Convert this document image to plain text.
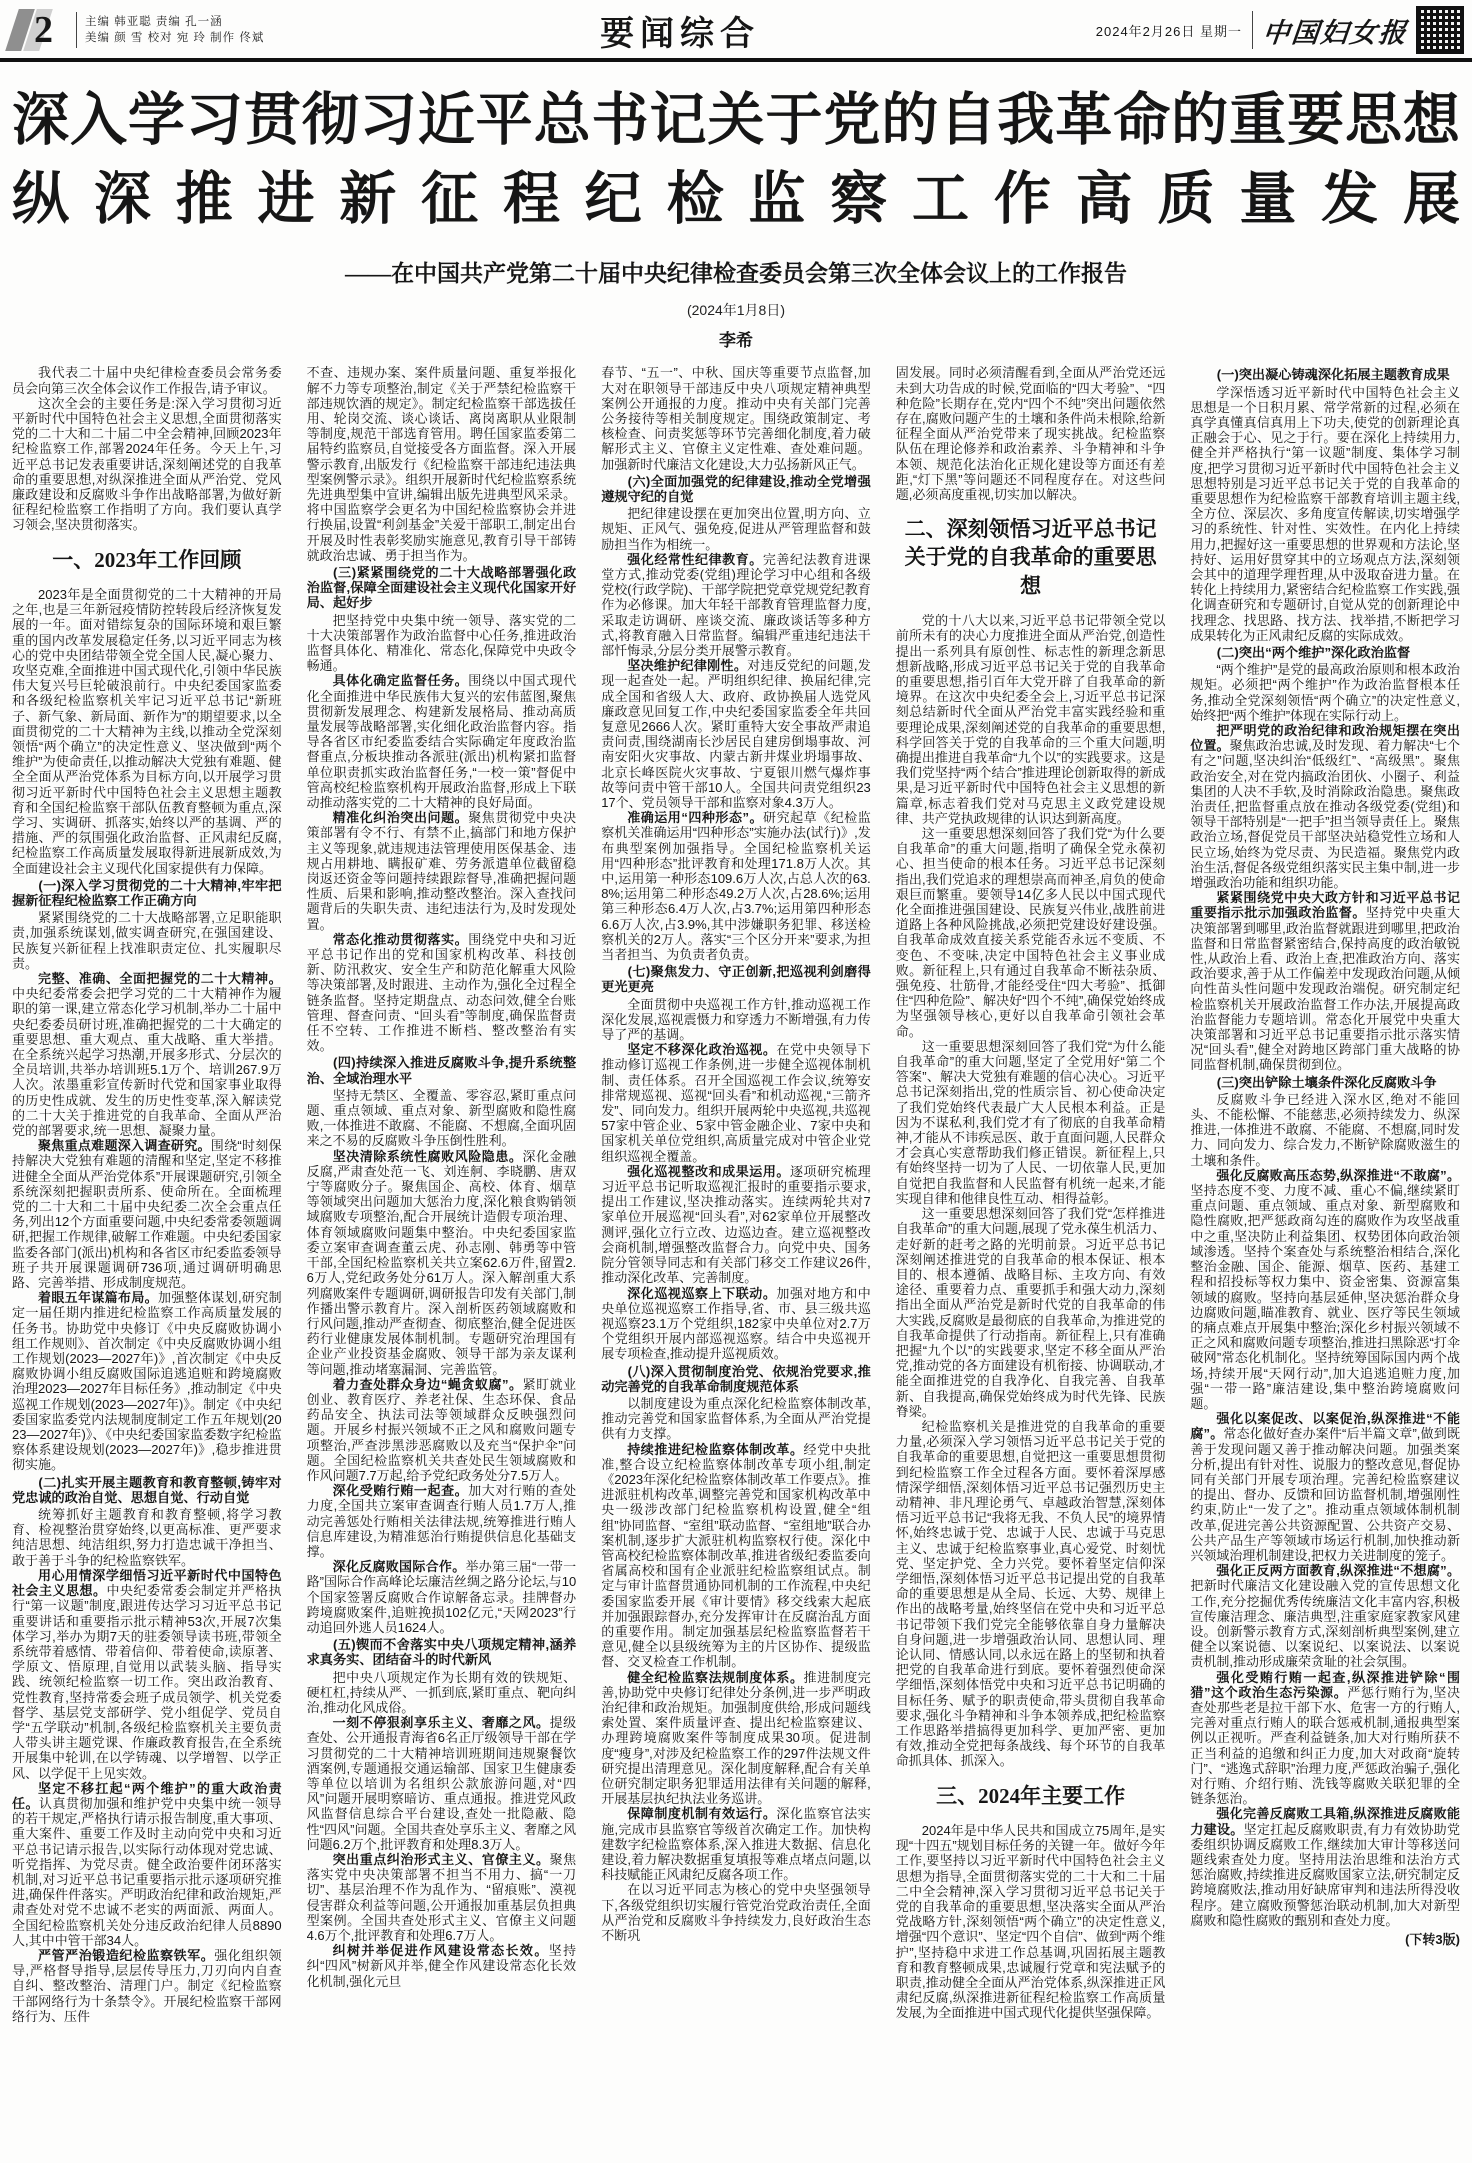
2	主编 韩亚聪 责编 孔一涵
美编 颜 雪 校对 宛 玲 制作 佟斌	要闻综合	2024年2月26日 星期一 中国妇女报
深入学习贯彻习近平总书记关于党的自我革命的重要思想
纵深推进新征程纪检监察工作高质量发展
——在中国共产党第二十届中央纪律检查委员会第三次全体会议上的工作报告
(2024年1月8日)
李希

我代表二十届中央纪律检查委员会常务委员会向第三次全体会议作工作报告,请予审议。

这次全会的主要任务是:深入学习贯彻习近平新时代中国特色社会主义思想,全面贯彻落实党的二十大和二十届二中全会精神,回顾2023年纪检监察工作,部署2024年任务。今天上午,习近平总书记发表重要讲话,深刻阐述党的自我革命的重要思想,对纵深推进全面从严治党、党风廉政建设和反腐败斗争作出战略部署,为做好新征程纪检监察工作指明了方向。我们要认真学习领会,坚决贯彻落实。

一、2023年工作回顾

2023年是全面贯彻党的二十大精神的开局之年,也是三年新冠疫情防控转段后经济恢复发展的一年。面对错综复杂的国际环境和艰巨繁重的国内改革发展稳定任务,以习近平同志为核心的党中央团结带领全党全国人民,凝心聚力、攻坚克难,全面推进中国式现代化,引领中华民族伟大复兴号巨轮破浪前行。中央纪委国家监委和各级纪检监察机关牢记习近平总书记“新班子、新气象、新局面、新作为”的期望要求,以全面贯彻党的二十大精神为主线,以推动全党深刻领悟“两个确立”的决定性意义、坚决做到“两个维护”为使命责任,以推动解决大党独有难题、健全全面从严治党体系为目标方向,以开展学习贯彻习近平新时代中国特色社会主义思想主题教育和全国纪检监察干部队伍教育整顿为重点,深学习、实调研、抓落实,始终以严的基调、严的措施、严的氛围强化政治监督、正风肃纪反腐,纪检监察工作高质量发展取得新进展新成效,为全面建设社会主义现代化国家提供有力保障。

(一)深入学习贯彻党的二十大精神,牢牢把握新征程纪检监察工作正确方向

紧紧围绕党的二十大战略部署,立足职能职责,加强系统谋划,做实调查研究,在强国建设、民族复兴新征程上找准职责定位、扎实履职尽责。

完整、准确、全面把握党的二十大精神。中央纪委常委会把学习党的二十大精神作为履职的第一课,建立常态化学习机制,举办二十届中央纪委委员研讨班,准确把握党的二十大确定的重要思想、重大观点、重大战略、重大举措。在全系统兴起学习热潮,开展多形式、分层次的全员培训,共举办培训班5.1万个、培训267.9万人次。浓墨重彩宣传新时代党和国家事业取得的历史性成就、发生的历史性变革,深入解读党的二十大关于推进党的自我革命、全面从严治党的部署要求,统一思想、凝聚力量。

聚焦重点难题深入调查研究。围绕“时刻保持解决大党独有难题的清醒和坚定,坚定不移推进健全全面从严治党体系”开展课题研究,引领全系统深刻把握职责所系、使命所在。全面梳理党的二十大和二十届中央纪委二次全会重点任务,列出12个方面重要问题,中央纪委常委领题调研,把握工作规律,破解工作难题。中央纪委国家监委各部门(派出)机构和各省区市纪委监委领导班子共开展课题调研736项,通过调研明确思路、完善举措、形成制度规范。

着眼五年谋篇布局。加强整体谋划,研究制定一届任期内推进纪检监察工作高质量发展的任务书。协助党中央修订《中央反腐败协调小组工作规则》、首次制定《中央反腐败协调小组工作规划(2023—2027年)》,首次制定《中央反腐败协调小组反腐败国际追逃追赃和跨境腐败治理2023—2027年目标任务》,推动制定《中央巡视工作规划(2023—2027年)》。制定《中央纪委国家监委党内法规制度制定工作五年规划(2023—2027年)》、《中央纪委国家监委数字纪检监察体系建设规划(2023—2027年)》,稳步推进贯彻实施。

(二)扎实开展主题教育和教育整顿,铸牢对党忠诚的政治自觉、思想自觉、行动自觉

统筹抓好主题教育和教育整顿,将学习教育、检视整治贯穿始终,以更高标准、更严要求纯洁思想、纯洁组织,努力打造忠诚干净担当、敢于善于斗争的纪检监察铁军。

用心用情深学细悟习近平新时代中国特色社会主义思想。中央纪委常委会制定并严格执行“第一议题”制度,跟进传达学习习近平总书记重要讲话和重要指示批示精神53次,开展7次集体学习,举办为期7天的驻委领导读书班,带领全系统带着感情、带着信仰、带着使命,读原著、学原文、悟原理,自觉用以武装头脑、指导实践、统领纪检监察一切工作。突出政治教育、党性教育,坚持常委会班子成员领学、机关党委督学、基层党支部研学、党小组促学、党员自学“五学联动”机制,各级纪检监察机关主要负责人带头讲主题党课、作廉政教育报告,在全系统开展集中轮训,在以学铸魂、以学增智、以学正风、以学促干上见实效。

坚定不移扛起“两个维护”的重大政治责任。认真贯彻加强和维护党中央集中统一领导的若干规定,严格执行请示报告制度,重大事项、重大案件、重要工作及时主动向党中央和习近平总书记请示报告,以实际行动体现对党忠诚、听党指挥、为党尽责。健全政治要件闭环落实机制,对习近平总书记重要指示批示逐项研究推进,确保件件落实。严明政治纪律和政治规矩,严肃查处对党不忠诚不老实的两面派、两面人。全国纪检监察机关处分违反政治纪律人员8890人,其中中管干部34人。

严管严治锻造纪检监察铁军。强化组织领导,严格督导指导,层层传导压力,刀刃向内自查自纠、整改整治、清理门户。制定《纪检监察干部网络行为十条禁令》。开展纪检监察干部网络行为、压件

不查、违规办案、案件质量问题、重复举报化解不力等专项整治,制定《关于严禁纪检监察干部违规饮酒的规定》。制定纪检监察干部选拔任用、轮岗交流、谈心谈话、离岗离职从业限制等制度,规范干部选育管用。聘任国家监委第二届特约监察员,自觉接受各方面监督。深入开展警示教育,出版发行《纪检监察干部违纪违法典型案例警示录》。组织开展新时代纪检监察系统先进典型集中宣讲,编辑出版先进典型风采录。将中国监察学会更名为中国纪检监察协会并进行换届,设置“利剑基金”关爱干部职工,制定出台开展及时性表彰奖励实施意见,教育引导干部铸就政治忠诚、勇于担当作为。

(三)紧紧围绕党的二十大战略部署强化政治监督,保障全面建设社会主义现代化国家开好局、起好步

把坚持党中央集中统一领导、落实党的二十大决策部署作为政治监督中心任务,推进政治监督具体化、精准化、常态化,保障党中央政令畅通。

具体化确定监督任务。围绕以中国式现代化全面推进中华民族伟大复兴的宏伟蓝图,聚焦贯彻新发展理念、构建新发展格局、推动高质量发展等战略部署,实化细化政治监督内容。指导各省区市纪委监委结合实际确定年度政治监督重点,分板块推动各派驻(派出)机构紧扣监督单位职责抓实政治监督任务,“一校一策”督促中管高校纪检监察机构开展政治监督,形成上下联动推动落实党的二十大精神的良好局面。

精准化纠治突出问题。聚焦贯彻党中央决策部署有令不行、有禁不止,搞部门和地方保护主义等现象,就违规违法管理使用医保基金、违规占用耕地、瞒报矿难、劳务派遣单位截留稳岗返还资金等问题持续跟踪督导,准确把握问题性质、后果和影响,推动整改整治。深入查找问题背后的失职失责、违纪违法行为,及时发现处置。

常态化推动贯彻落实。围绕党中央和习近平总书记作出的党和国家机构改革、科技创新、防汛救灾、安全生产和防范化解重大风险等决策部署,及时跟进、主动作为,强化全过程全链条监督。坚持定期盘点、动态问效,健全台账管理、督查问责、“回头看”等制度,确保监督责任不空转、工作推进不断档、整改整治有实效。

(四)持续深入推进反腐败斗争,提升系统整治、全域治理水平

坚持无禁区、全覆盖、零容忍,紧盯重点问题、重点领域、重点对象、新型腐败和隐性腐败,一体推进不敢腐、不能腐、不想腐,全面巩固来之不易的反腐败斗争压倒性胜利。

坚决清除系统性腐败风险隐患。深化金融反腐,严肃查处范一飞、刘连舸、李晓鹏、唐双宁等腐败分子。聚焦国企、高校、体育、烟草等领域突出问题加大惩治力度,深化粮食购销领域腐败专项整治,配合开展统计造假专项治理、体育领域腐败问题集中整治。中央纪委国家监委立案审查调查董云虎、孙志刚、韩勇等中管干部,全国纪检监察机关共立案62.6万件,留置2.6万人,党纪政务处分61万人。深入解剖重大系列腐败案件专题调研,调研报告印发有关部门,制作播出警示教育片。深入剖析医药领域腐败和行风问题,推动严查彻查、彻底整治,健全促进医药行业健康发展体制机制。专题研究治理国有企业产业投资基金腐败、领导干部为亲友谋利等问题,推动堵塞漏洞、完善监管。

着力查处群众身边“蝇贪蚁腐”。紧盯就业创业、教育医疗、养老社保、生态环保、食品药品安全、执法司法等领域群众反映强烈问题。开展乡村振兴领域不正之风和腐败问题专项整治,严查涉黑涉恶腐败以及充当“保护伞”问题。全国纪检监察机关共查处民生领域腐败和作风问题7.7万起,给予党纪政务处分7.5万人。

深化受贿行贿一起查。加大对行贿的查处力度,全国共立案审查调查行贿人员1.7万人,推动完善惩处行贿相关法律法规,统筹推进行贿人信息库建设,为精准惩治行贿提供信息化基础支撑。

深化反腐败国际合作。举办第三届“一带一路”国际合作高峰论坛廉洁丝绸之路分论坛,与10个国家签署反腐败合作谅解备忘录。挂牌督办跨境腐败案件,追赃挽损102亿元,“天网2023”行动追回外逃人员1624人。

(五)锲而不舍落实中央八项规定精神,涵养求真务实、团结奋斗的时代新风

把中央八项规定作为长期有效的铁规矩、硬杠杠,持续从严、一抓到底,紧盯重点、靶向纠治,推动化风成俗。

一刻不停狠刹享乐主义、奢靡之风。提级查处、公开通报青海省6名正厅级领导干部在学习贯彻党的二十大精神培训班期间违规聚餐饮酒案例,专题通报交通运输部、国家卫生健康委等单位以培训为名组织公款旅游问题,对“四风”问题开展明察暗访、重点通报。推进党风政风监督信息综合平台建设,查处一批隐蔽、隐性“四风”问题。全国共查处享乐主义、奢靡之风问题6.2万个,批评教育和处理8.3万人。

突出重点纠治形式主义、官僚主义。聚焦落实党中央决策部署不担当不用力、搞“一刀切”、基层治理不作为乱作为、“留痕账”、漠视侵害群众利益等问题,公开通报加重基层负担典型案例。全国共查处形式主义、官僚主义问题4.6万个,批评教育和处理6.7万人。

纠树并举促进作风建设常态长效。坚持纠“四风”树新风并举,健全作风建设常态化长效化机制,强化元旦

春节、“五一”、中秋、国庆等重要节点监督,加大对在职领导干部违反中央八项规定精神典型案例公开通报的力度。推动中央有关部门完善公务接待等相关制度规定。围绕政策制定、考核检查、问责奖惩等环节完善细化制度,着力破解形式主义、官僚主义定性难、查处难问题。加强新时代廉洁文化建设,大力弘扬新风正气。

(六)全面加强党的纪律建设,推动全党增强遵规守纪的自觉

把纪律建设摆在更加突出位置,明方向、立规矩、正风气、强免疫,促进从严管理监督和鼓励担当作为相统一。

强化经常性纪律教育。完善纪法教育进课堂方式,推动党委(党组)理论学习中心组和各级党校(行政学院)、干部学院把党章党规党纪教育作为必修课。加大年轻干部教育管理监督力度,采取走访调研、座谈交流、廉政谈话等多种方式,将教育融入日常监督。编辑严重违纪违法干部忏悔录,分层分类开展警示教育。

坚决维护纪律刚性。对违反党纪的问题,发现一起查处一起。严明组织纪律、换届纪律,完成全国和省级人大、政府、政协换届人选党风廉政意见回复工作,中央纪委国家监委全年共回复意见2666人次。紧盯重特大安全事故严肃追责问责,围绕湖南长沙居民自建房倒塌事故、河南安阳火灾事故、内蒙古新井煤业坍塌事故、北京长峰医院火灾事故、宁夏银川燃气爆炸事故等问责中管干部10人。全国共问责党组织2317个、党员领导干部和监察对象4.3万人。

准确运用“四种形态”。研究起草《纪检监察机关准确运用“四种形态”实施办法(试行)》,发布典型案例加强指导。全国纪检监察机关运用“四种形态”批评教育和处理171.8万人次。其中,运用第一种形态109.6万人次,占总人次的63.8%;运用第二种形态49.2万人次,占28.6%;运用第三种形态6.4万人次,占3.7%;运用第四种形态6.6万人次,占3.9%,其中涉嫌职务犯罪、移送检察机关的2万人。落实“三个区分开来”要求,为担当者担当、为负责者负责。

(七)聚焦发力、守正创新,把巡视利剑磨得更光更亮

全面贯彻中央巡视工作方针,推动巡视工作深化发展,巡视震慑力和穿透力不断增强,有力传导了严的基调。

坚定不移深化政治巡视。在党中央领导下推动修订巡视工作条例,进一步健全巡视体制机制、责任体系。召开全国巡视工作会议,统筹安排常规巡视、巡视“回头看”和机动巡视,“三箭齐发”、同向发力。组织开展两轮中央巡视,共巡视57家中管企业、5家中管金融企业、7家中央和国家机关单位党组织,高质量完成对中管企业党组织巡视全覆盖。

强化巡视整改和成果运用。逐项研究梳理习近平总书记听取巡视汇报时的重要指示要求,提出工作建议,坚决推动落实。连续两轮共对7家单位开展巡视“回头看”,对62家单位开展整改测评,强化立行立改、边巡边查。建立巡视整改会商机制,增强整改监督合力。向党中央、国务院分管领导同志和有关部门移交工作建议26件,推动深化改革、完善制度。

深化巡视巡察上下联动。加强对地方和中央单位巡视巡察工作指导,省、市、县三级共巡视巡察23.1万个党组织,182家中央单位对2.7万个党组织开展内部巡视巡察。结合中央巡视开展专项检查,推动提升巡视质效。

(八)深入贯彻制度治党、依规治党要求,推动完善党的自我革命制度规范体系

以制度建设为重点深化纪检监察体制改革,推动完善党和国家监督体系,为全面从严治党提供有力支撑。

持续推进纪检监察体制改革。经党中央批准,整合设立纪检监察体制改革专项小组,制定《2023年深化纪检监察体制改革工作要点》。推进派驻机构改革,调整完善党和国家机构改革中央一级涉改部门纪检监察机构设置,健全“组组”协同监督、“室组”联动监督、“室组地”联合办案机制,逐步扩大派驻机构监察权行使。深化中管高校纪检监察体制改革,推进省级纪委监委向省属高校和国有企业派驻纪检监察组试点。制定与审计监督贯通协同机制的工作流程,中央纪委国家监委开展《审计要情》移交线索大起底并加强跟踪督办,充分发挥审计在反腐治乱方面的重要作用。制定加强基层纪检监察监督若干意见,健全以县级统筹为主的片区协作、提级监督、交叉检查工作机制。

健全纪检监察法规制度体系。推进制度完善,协助党中央修订纪律处分条例,进一步严明政治纪律和政治规矩。加强制度供给,形成问题线索处置、案件质量评查、提出纪检监察建议、办理跨境腐败案件等制度成果30项。促进制度“瘦身”,对涉及纪检监察工作的297件法规文件研究提出清理意见。深化制度解释,配合有关单位研究制定职务犯罪适用法律有关问题的解释,开展基层执纪执法业务巡讲。

保障制度机制有效运行。深化监察官法实施,完成市县监察官等级首次确定工作。加快构建数字纪检监察体系,深入推进大数据、信息化建设,着力解决数据重复填报等难点堵点问题,以科技赋能正风肃纪反腐各项工作。

在以习近平同志为核心的党中央坚强领导下,各级党组织切实履行管党治党政治责任,全面从严治党和反腐败斗争持续发力,良好政治生态不断巩

固发展。同时必须清醒看到,全面从严治党还远未到大功告成的时候,党面临的“四大考验”、“四种危险”长期存在,党内“四个不纯”突出问题依然存在,腐败问题产生的土壤和条件尚未根除,给新征程全面从严治党带来了现实挑战。纪检监察队伍在理论修养和政治素养、斗争精神和斗争本领、规范化法治化正规化建设等方面还有差距,“灯下黑”等问题还不同程度存在。对这些问题,必须高度重视,切实加以解决。

二、深刻领悟习近平总书记关于党的自我革命的重要思想

党的十八大以来,习近平总书记带领全党以前所未有的决心力度推进全面从严治党,创造性提出一系列具有原创性、标志性的新理念新思想新战略,形成习近平总书记关于党的自我革命的重要思想,指引百年大党开辟了自我革命的新境界。在这次中央纪委全会上,习近平总书记深刻总结新时代全面从严治党丰富实践经验和重要理论成果,深刻阐述党的自我革命的重要思想,科学回答关于党的自我革命的三个重大问题,明确提出推进自我革命“九个以”的实践要求。这是我们党坚持“两个结合”推进理论创新取得的新成果,是习近平新时代中国特色社会主义思想的新篇章,标志着我们党对马克思主义政党建设规律、共产党执政规律的认识达到新高度。

这一重要思想深刻回答了我们党“为什么要自我革命”的重大问题,指明了确保全党永葆初心、担当使命的根本任务。习近平总书记深刻指出,我们党追求的理想崇高而神圣,肩负的使命艰巨而繁重。要领导14亿多人民以中国式现代化全面推进强国建设、民族复兴伟业,战胜前进道路上各种风险挑战,必须把党建设好建设强。自我革命成效直接关系党能否永远不变质、不变色、不变味,决定中国特色社会主义事业成败。新征程上,只有通过自我革命不断祛杂质、强免疫、壮筋骨,才能经受住“四大考验”、抵御住“四种危险”、解决好“四个不纯”,确保党始终成为坚强领导核心,更好以自我革命引领社会革命。

这一重要思想深刻回答了我们党“为什么能自我革命”的重大问题,坚定了全党用好“第二个答案”、解决大党独有难题的信心决心。习近平总书记深刻指出,党的性质宗旨、初心使命决定了我们党始终代表最广大人民根本利益。正是因为不谋私利,我们党才有了彻底的自我革命精神,才能从不讳疾忌医、敢于直面问题,人民群众才会真心实意帮助我们修正错误。新征程上,只有始终坚持一切为了人民、一切依靠人民,更加自觉把自我监督和人民监督有机统一起来,才能实现自律和他律良性互动、相得益彰。

这一重要思想深刻回答了我们党“怎样推进自我革命”的重大问题,展现了党永葆生机活力、走好新的赶考之路的光明前景。习近平总书记深刻阐述推进党的自我革命的根本保证、根本目的、根本遵循、战略目标、主攻方向、有效途径、重要着力点、重要抓手和强大动力,深刻指出全面从严治党是新时代党的自我革命的伟大实践,反腐败是最彻底的自我革命,为推进党的自我革命提供了行动指南。新征程上,只有准确把握“九个以”的实践要求,坚定不移全面从严治党,推动党的各方面建设有机衔接、协调联动,才能全面推进党的自我净化、自我完善、自我革新、自我提高,确保党始终成为时代先锋、民族脊梁。

纪检监察机关是推进党的自我革命的重要力量,必须深入学习领悟习近平总书记关于党的自我革命的重要思想,自觉把这一重要思想贯彻到纪检监察工作全过程各方面。要怀着深厚感情深学细悟,深刻体悟习近平总书记强烈历史主动精神、非凡理论勇气、卓越政治智慧,深刻体悟习近平总书记“我将无我、不负人民”的境界情怀,始终忠诚于党、忠诚于人民、忠诚于马克思主义、忠诚于纪检监察事业,真心爱党、时刻忧党、坚定护党、全力兴党。要怀着坚定信仰深学细悟,深刻体悟习近平总书记提出党的自我革命的重要思想是从全局、长远、大势、规律上作出的战略考量,始终坚信在党中央和习近平总书记带领下我们党完全能够依靠自身力量解决自身问题,进一步增强政治认同、思想认同、理论认同、情感认同,以永远在路上的坚韧和执着把党的自我革命进行到底。要怀着强烈使命深学细悟,深刻体悟党中央和习近平总书记明确的目标任务、赋予的职责使命,带头贯彻自我革命要求,强化斗争精神和斗争本领养成,把纪检监察工作思路举措搞得更加科学、更加严密、更加有效,推动全党把每条战线、每个环节的自我革命抓具体、抓深入。

三、2024年主要工作

2024年是中华人民共和国成立75周年,是实现“十四五”规划目标任务的关键一年。做好今年工作,要坚持以习近平新时代中国特色社会主义思想为指导,全面贯彻落实党的二十大和二十届二中全会精神,深入学习贯彻习近平总书记关于党的自我革命的重要思想,坚决落实全面从严治党战略方针,深刻领悟“两个确立”的决定性意义,增强“四个意识”、坚定“四个自信”、做到“两个维护”,坚持稳中求进工作总基调,巩固拓展主题教育和教育整顿成果,忠诚履行党章和宪法赋予的职责,推动健全全面从严治党体系,纵深推进正风肃纪反腐,纵深推进新征程纪检监察工作高质量发展,为全面推进中国式现代化提供坚强保障。

(一)突出凝心铸魂深化拓展主题教育成果

学深悟透习近平新时代中国特色社会主义思想是一个日积月累、常学常新的过程,必须在真学真懂真信真用上下功夫,使党的创新理论真正融会于心、见之于行。要在深化上持续用力,健全并严格执行“第一议题”制度、集体学习制度,把学习贯彻习近平新时代中国特色社会主义思想特别是习近平总书记关于党的自我革命的重要思想作为纪检监察干部教育培训主题主线,全方位、深层次、多角度宣传解读,切实增强学习的系统性、针对性、实效性。在内化上持续用力,把握好这一重要思想的世界观和方法论,坚持好、运用好贯穿其中的立场观点方法,深刻领会其中的道理学理哲理,从中汲取奋进力量。在转化上持续用力,紧密结合纪检监察工作实践,强化调查研究和专题研讨,自觉从党的创新理论中找理念、找思路、找方法、找举措,不断把学习成果转化为正风肃纪反腐的实际成效。

(二)突出“两个维护”深化政治监督

“两个维护”是党的最高政治原则和根本政治规矩。必须把“两个维护”作为政治监督根本任务,推动全党深刻领悟“两个确立”的决定性意义,始终把“两个维护”体现在实际行动上。

把严明党的政治纪律和政治规矩摆在突出位置。聚焦政治忠诚,及时发现、着力解决“七个有之”问题,坚决纠治“低级红”、“高级黑”。聚焦政治安全,对在党内搞政治团伙、小圈子、利益集团的人决不手软,及时消除政治隐患。聚焦政治责任,把监督重点放在推动各级党委(党组)和领导干部特别是“一把手”担当领导责任上。聚焦政治立场,督促党员干部坚决站稳党性立场和人民立场,始终为党尽责、为民造福。聚焦党内政治生活,督促各级党组织落实民主集中制,进一步增强政治功能和组织功能。

紧紧围绕党中央大政方针和习近平总书记重要指示批示加强政治监督。坚持党中央重大决策部署到哪里,政治监督就跟进到哪里,把政治监督和日常监督紧密结合,保持高度的政治敏锐性,从政治上看、政治上查,把准政治方向、落实政治要求,善于从工作偏差中发现政治问题,从倾向性苗头性问题中发现政治端倪。研究制定纪检监察机关开展政治监督工作办法,开展提高政治监督能力专题培训。常态化开展党中央重大决策部署和习近平总书记重要指示批示落实情况“回头看”,健全对跨地区跨部门重大战略的协同监督机制,确保贯彻到位。

(三)突出铲除土壤条件深化反腐败斗争

反腐败斗争已经进入深水区,绝对不能回头、不能松懈、不能慈悲,必须持续发力、纵深推进,一体推进不敢腐、不能腐、不想腐,同时发力、同向发力、综合发力,不断铲除腐败滋生的土壤和条件。

强化反腐败高压态势,纵深推进“不敢腐”。坚持态度不变、力度不减、重心不偏,继续紧盯重点问题、重点领域、重点对象、新型腐败和隐性腐败,把严惩政商勾连的腐败作为攻坚战重中之重,坚决防止利益集团、权势团体向政治领域渗透。坚持个案查处与系统整治相结合,深化整治金融、国企、能源、烟草、医药、基建工程和招投标等权力集中、资金密集、资源富集领域的腐败。坚持向基层延伸,坚决惩治群众身边腐败问题,瞄准教育、就业、医疗等民生领域的痛点难点开展集中整治;深化乡村振兴领域不正之风和腐败问题专项整治,推进扫黑除恶“打伞破网”常态化机制化。坚持统筹国际国内两个战场,持续开展“天网行动”,加大追逃追赃力度,加强“一带一路”廉洁建设,集中整治跨境腐败问题。

强化以案促改、以案促治,纵深推进“不能腐”。常态化做好查办案件“后半篇文章”,做到既善于发现问题又善于推动解决问题。加强类案分析,提出有针对性、说服力的整改意见,督促协同有关部门开展专项治理。完善纪检监察建议的提出、督办、反馈和回访监督机制,增强刚性约束,防止“一发了之”。推动重点领域体制机制改革,促进完善公共资源配置、公共资产交易、公共产品生产等领域市场运行机制,加快推动新兴领域治理机制建设,把权力关进制度的笼子。

强化正反两方面教育,纵深推进“不想腐”。把新时代廉洁文化建设融入党的宣传思想文化工作,充分挖掘优秀传统廉洁文化丰富内容,积极宣传廉洁理念、廉洁典型,注重家庭家教家风建设。创新警示教育方式,深刻剖析典型案例,建立健全以案说德、以案说纪、以案说法、以案说责机制,推动形成廉荣贪耻的社会氛围。

强化受贿行贿一起查,纵深推进铲除“围猎”这个政治生态污染源。严惩行贿行为,坚决查处那些老是拉干部下水、危害一方的行贿人,完善对重点行贿人的联合惩戒机制,通报典型案例以正视听。严查利益链条,加大对行贿所获不正当利益的追缴和纠正力度,加大对政商“旋转门”、“逃逸式辞职”治理力度,严惩政治骗子,强化对行贿、介绍行贿、洗钱等腐败关联犯罪的全链条惩治。

强化完善反腐败工具箱,纵深推进反腐败能力建设。坚定扛起反腐败职责,有力有效协助党委组织协调反腐败工作,继续加大审计等移送问题线索查处力度。坚持用法治思维和法治方式惩治腐败,持续推进反腐败国家立法,研究制定反跨境腐败法,推动用好缺席审判和违法所得没收程序。建立腐败预警惩治联动机制,加大对新型腐败和隐性腐败的甄别和查处力度。

(下转3版)
